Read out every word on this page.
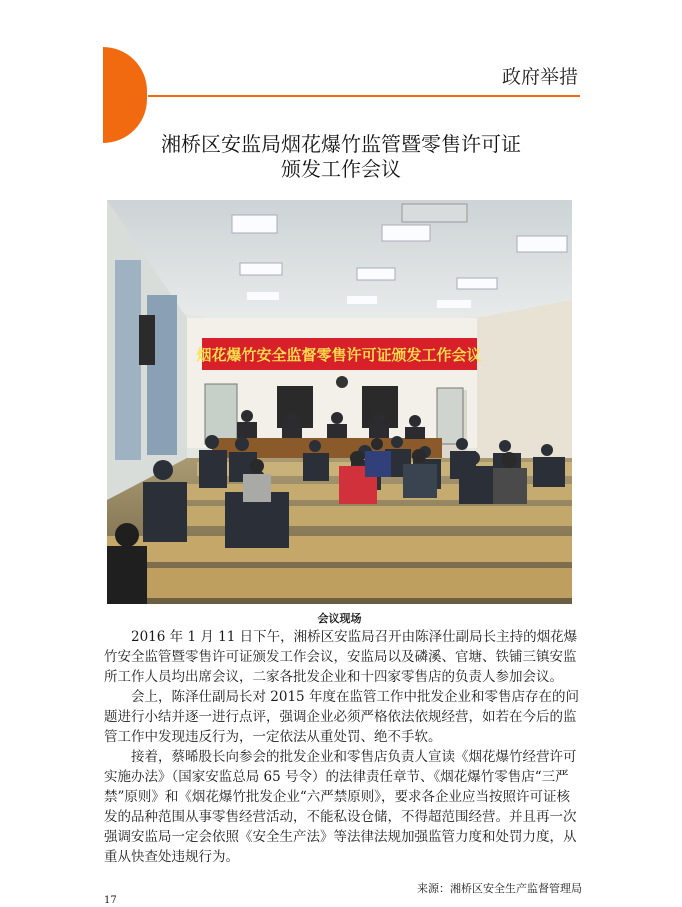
政府举措
湘桥区安监局烟花爆竹监管暨零售许可证
颁发工作会议
烟花爆竹安全监督零售许可证颁发工作会议
会议现场

2016 年 1 月 11 日下午，湘桥区安监局召开由陈泽仕副局长主持的烟花爆竹安全监管暨零售许可证颁发工作会议，安监局以及磷溪、官塘、铁铺三镇安监所工作人员均出席会议，二家各批发企业和十四家零售店的负责人参加会议。

会上，陈泽仕副局长对 2015 年度在监管工作中批发企业和零售店存在的问题进行小结并逐一进行点评，强调企业必须严格依法依规经营，如若在今后的监管工作中发现违反行为，一定依法从重处罚、绝不手软。

接着，蔡晞股长向参会的批发企业和零售店负责人宣读《烟花爆竹经营许可实施办法》（国家安监总局 65 号令）的法律责任章节、《烟花爆竹零售店“三严禁”原则》和《烟花爆竹批发企业“六严禁原则》，要求各企业应当按照许可证核发的品种范围从事零售经营活动，不能私设仓储，不得超范围经营。并且再一次强调安监局一定会依照《安全生产法》等法律法规加强监管力度和处罚力度，从重从快查处违规行为。

来源：湘桥区安全生产监督管理局
17
